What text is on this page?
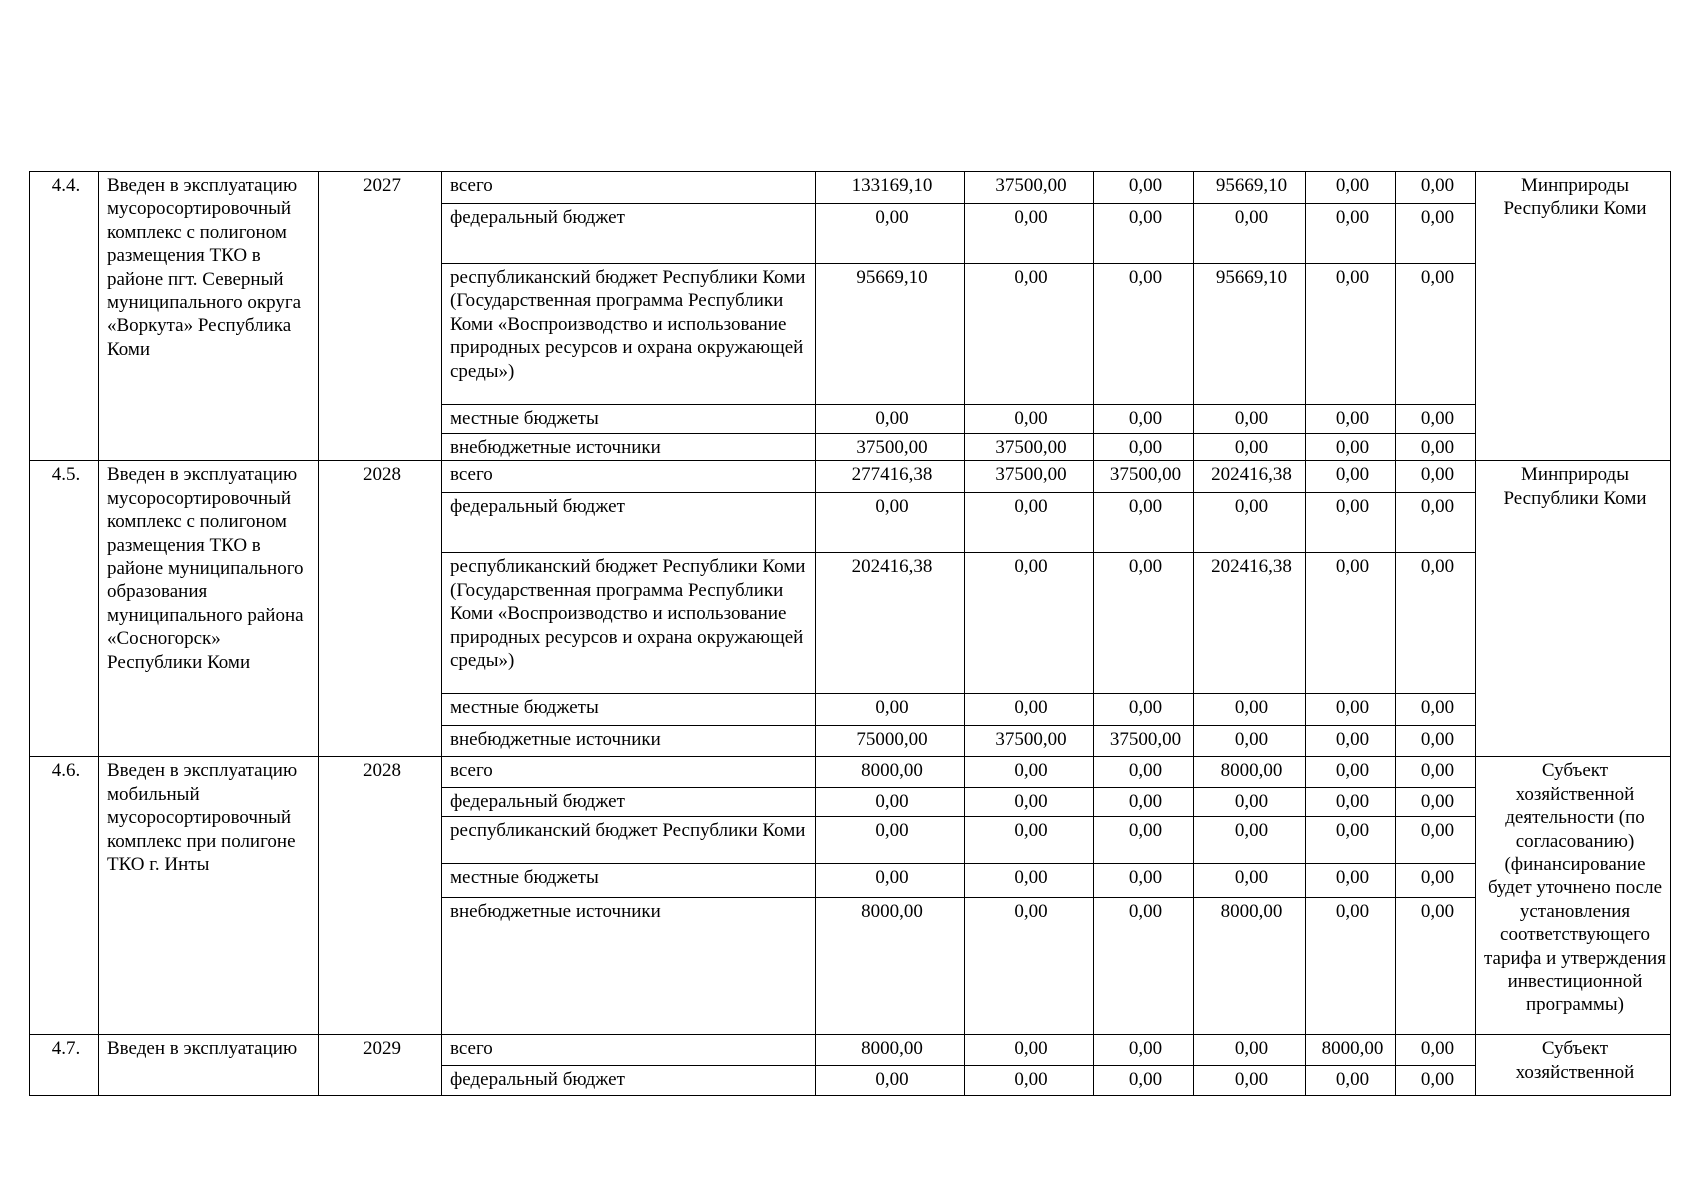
4.4.	Введен в эксплуатацию мусоросортировочный комплекс с полигоном размещения ТКО в районе пгт. Северный муниципального округа «Воркута» Республика Коми	2027	всего	133169,10	37500,00	0,00	95669,10	0,00	0,00	Минприроды Республики Коми
			федеральный бюджет	0,00	0,00	0,00	0,00	0,00	0,00	
			республиканский бюджет Республики Коми (Государственная программа Республики Коми «Воспроизводство и использование природных ресурсов и охрана окружающей среды»)	95669,10	0,00	0,00	95669,10	0,00	0,00	
			местные бюджеты	0,00	0,00	0,00	0,00	0,00	0,00	
			внебюджетные источники	37500,00	37500,00	0,00	0,00	0,00	0,00	
4.5.	Введен в эксплуатацию мусоросортировочный комплекс с полигоном размещения ТКО в районе муниципального образования муниципального района «Сосногорск» Республики Коми	2028	всего	277416,38	37500,00	37500,00	202416,38	0,00	0,00	Минприроды Республики Коми
			федеральный бюджет	0,00	0,00	0,00	0,00	0,00	0,00	
			республиканский бюджет Республики Коми (Государственная программа Республики Коми «Воспроизводство и использование природных ресурсов и охрана окружающей среды»)	202416,38	0,00	0,00	202416,38	0,00	0,00	
			местные бюджеты	0,00	0,00	0,00	0,00	0,00	0,00	
			внебюджетные источники	75000,00	37500,00	37500,00	0,00	0,00	0,00	
4.6.	Введен в эксплуатацию мобильный мусоросортировочный комплекс при полигоне ТКО г. Инты	2028	всего	8000,00	0,00	0,00	8000,00	0,00	0,00	Субъект хозяйственной деятельности (по согласованию) (финансирование будет уточнено после установления соответствующего тарифа и утверждения инвестиционной программы)
			федеральный бюджет	0,00	0,00	0,00	0,00	0,00	0,00	
			республиканский бюджет Республики Коми	0,00	0,00	0,00	0,00	0,00	0,00	
			местные бюджеты	0,00	0,00	0,00	0,00	0,00	0,00	
			внебюджетные источники	8000,00	0,00	0,00	8000,00	0,00	0,00	
4.7.	Введен в эксплуатацию	2029	всего	8000,00	0,00	0,00	0,00	8000,00	0,00	Субъект хозяйственной
			федеральный бюджет	0,00	0,00	0,00	0,00	0,00	0,00	
